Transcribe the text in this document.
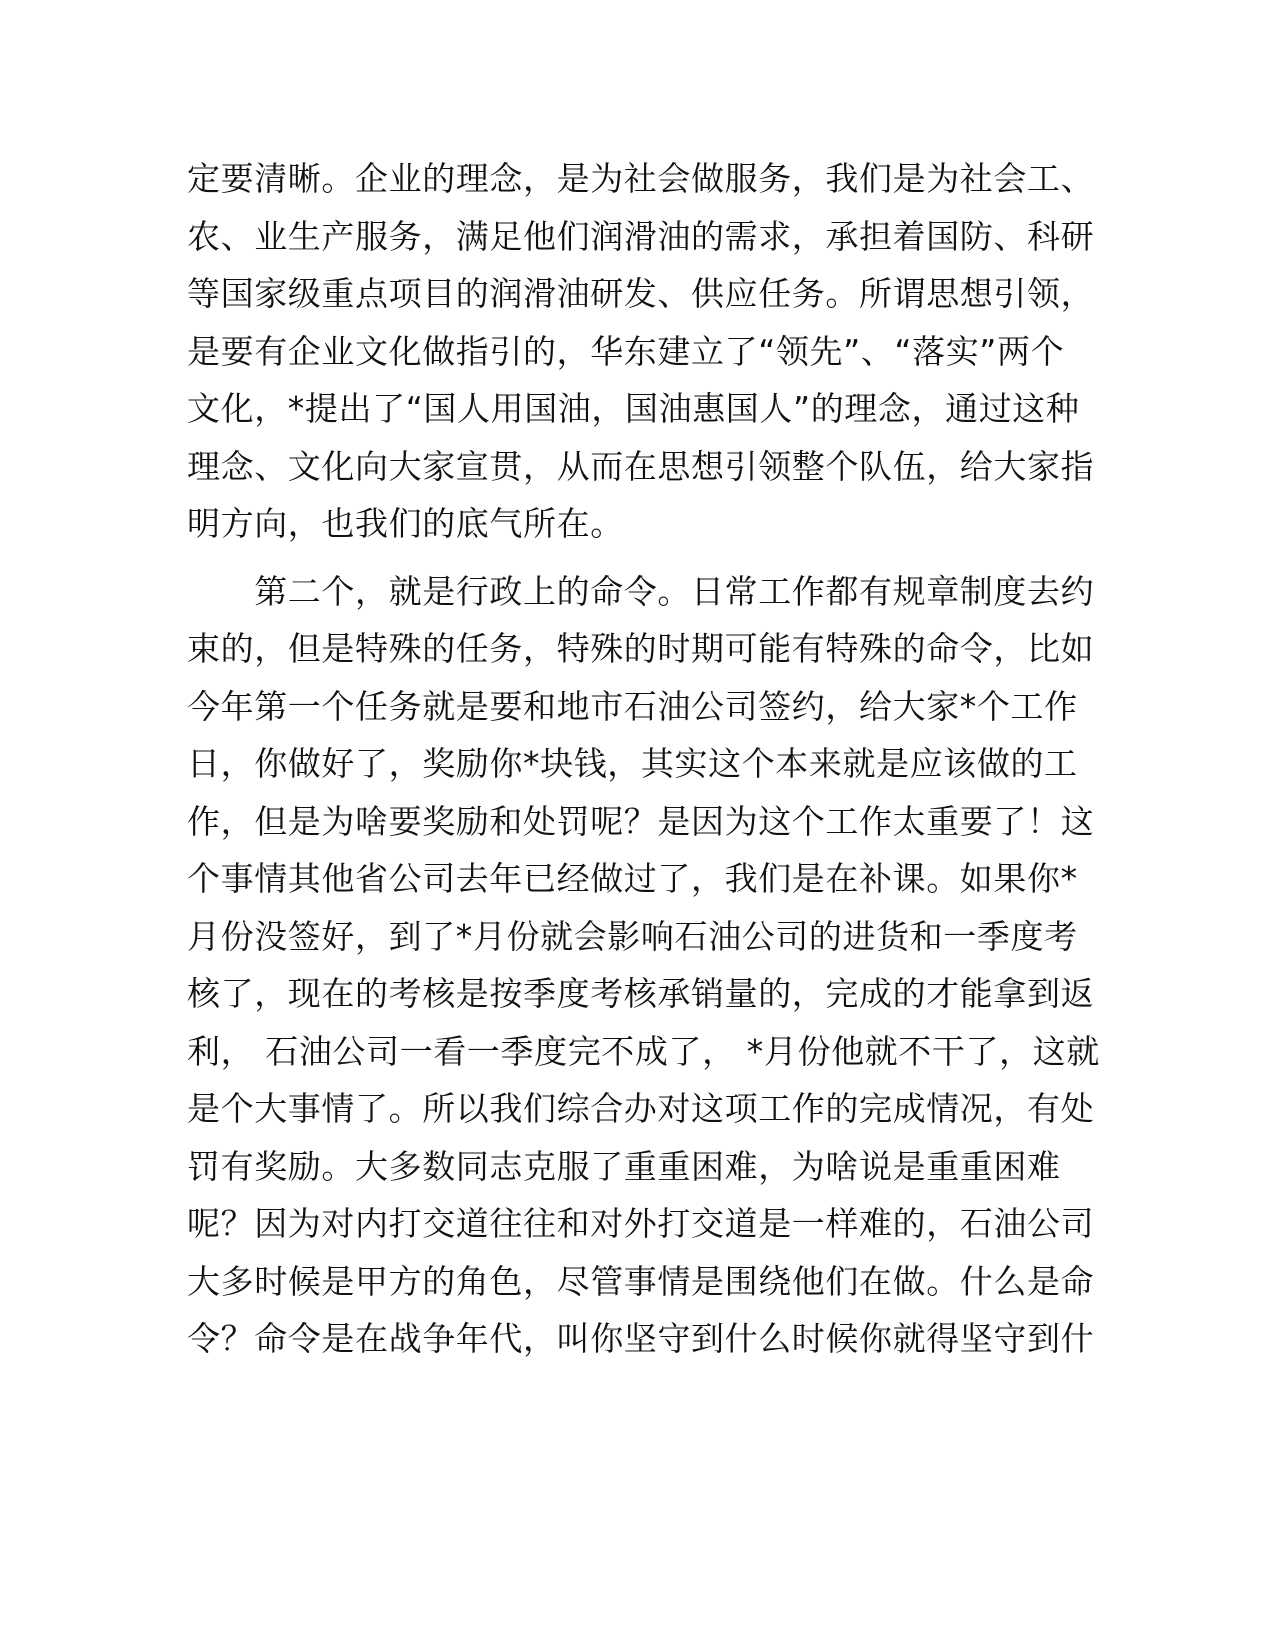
定要清晰。企业的理念，是为社会做服务，我们是为社会工、
农、业生产服务，满足他们润滑油的需求，承担着国防、科研
等国家级重点项目的润滑油研发、供应任务。所谓思想引领，
是要有企业文化做指引的，华东建立了“领先”、“落实”两个
文化，*提出了“国人用国油，国油惠国人”的理念，通过这种
理念、文化向大家宣贯，从而在思想引领整个队伍，给大家指
明方向，也我们的底气所在。
　　第二个，就是行政上的命令。日常工作都有规章制度去约
束的，但是特殊的任务，特殊的时期可能有特殊的命令，比如
今年第一个任务就是要和地市石油公司签约，给大家*个工作
日，你做好了，奖励你*块钱，其实这个本来就是应该做的工
作，但是为啥要奖励和处罚呢？是因为这个工作太重要了！这
个事情其他省公司去年已经做过了，我们是在补课。如果你*
月份没签好，到了*月份就会影响石油公司的进货和一季度考
核了，现在的考核是按季度考核承销量的，完成的才能拿到返
利， 石油公司一看一季度完不成了， *月份他就不干了，这就
是个大事情了。所以我们综合办对这项工作的完成情况，有处
罚有奖励。大多数同志克服了重重困难，为啥说是重重困难
呢？因为对内打交道往往和对外打交道是一样难的，石油公司
大多时候是甲方的角色，尽管事情是围绕他们在做。什么是命
令？命令是在战争年代，叫你坚守到什么时候你就得坚守到什
